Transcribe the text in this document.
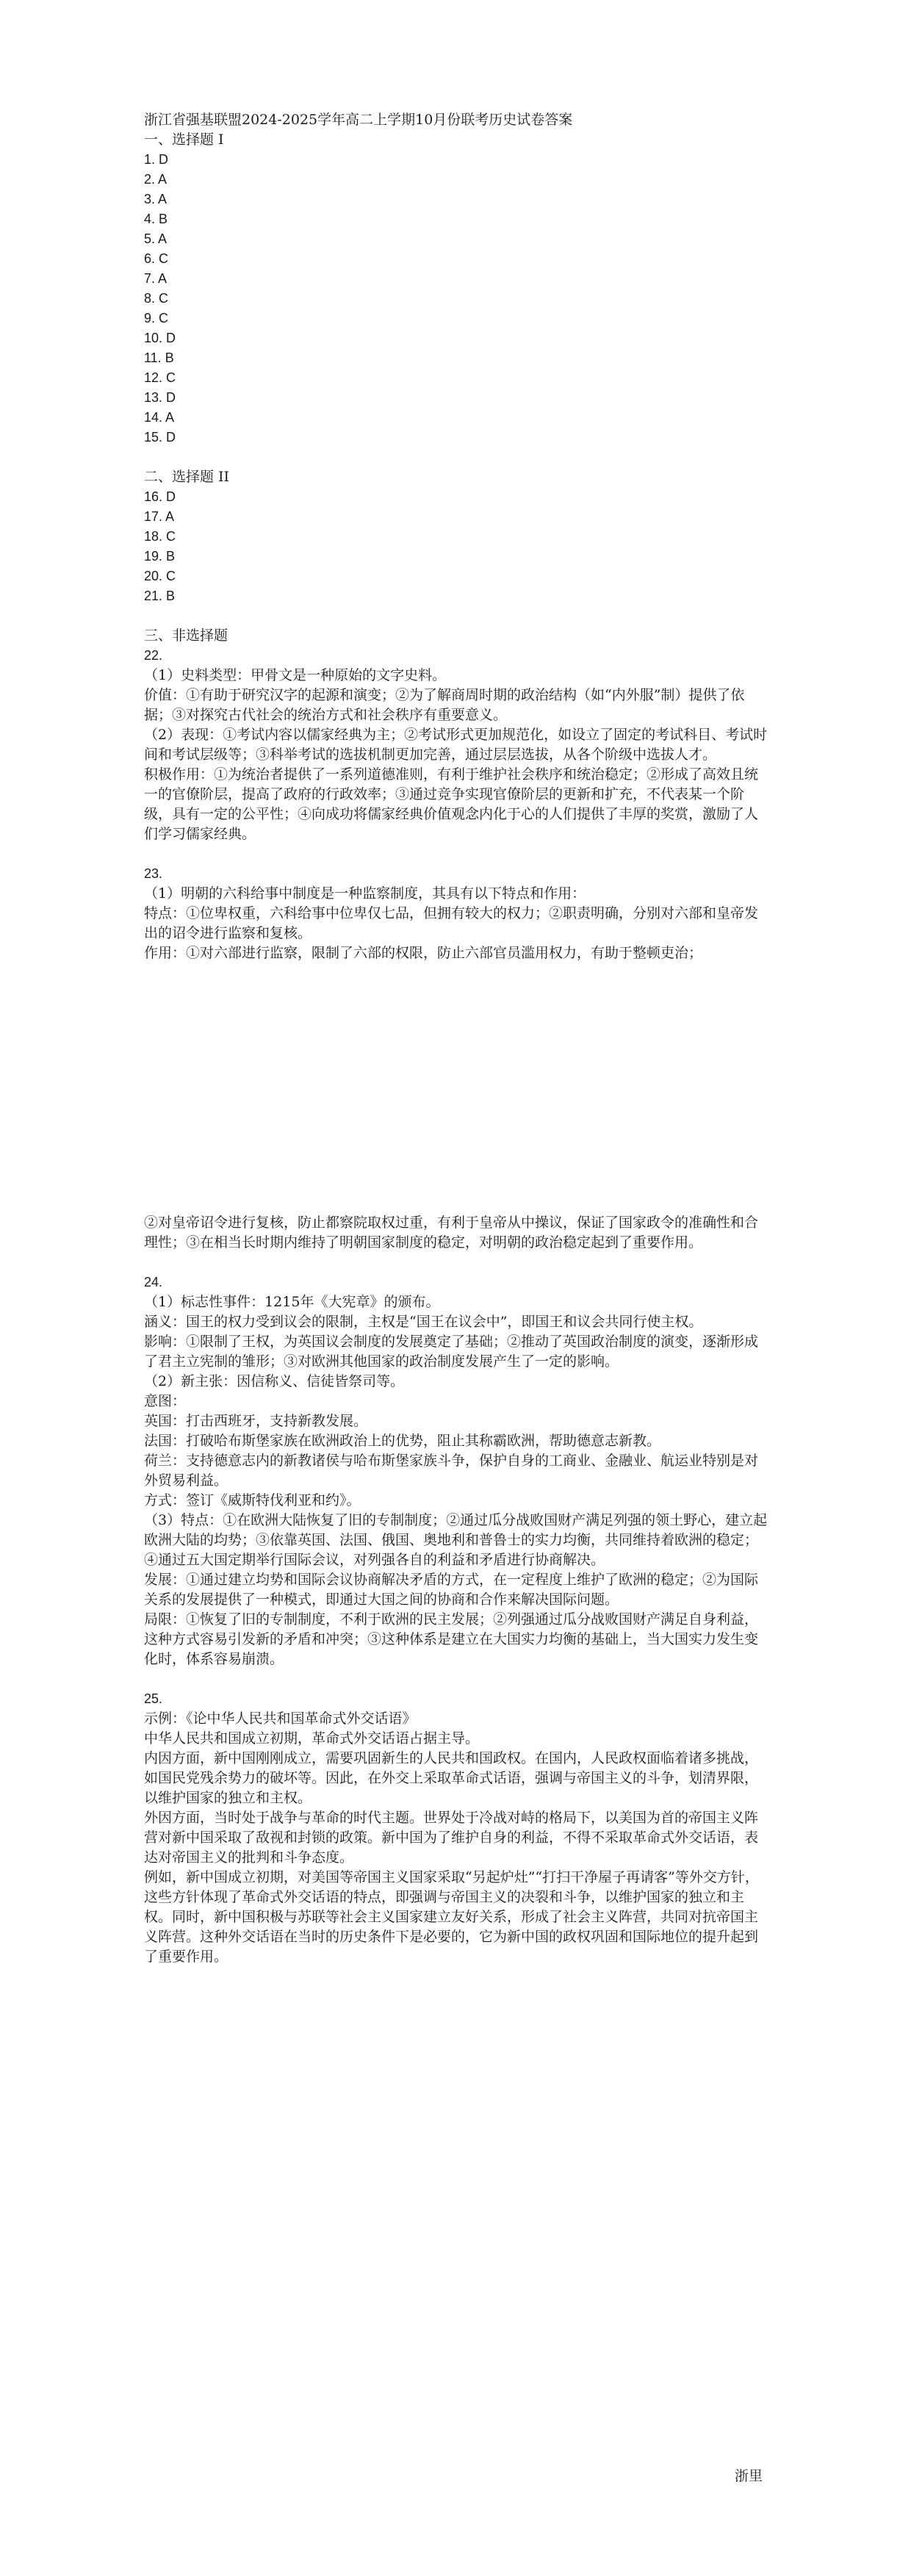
浙江省强基联盟2024-2025学年高二上学期10月份联考历史试卷答案
一、选择题 I
1. D
2. A
3. A
4. B
5. A
6. C
7. A
8. C
9. C
10. D
11. B
12. C
13. D
14. A
15. D
二、选择题 II
16. D
17. A
18. C
19. B
20. C
21. B
三、非选择题
22.
（1）史料类型：甲骨文是一种原始的文字史料。
价值：①有助于研究汉字的起源和演变；②为了解商周时期的政治结构（如“内外服”制）提供了依据；③对探究古代社会的统治方式和社会秩序有重要意义。
（2）表现：①考试内容以儒家经典为主；②考试形式更加规范化，如设立了固定的考试科目、考试时间和考试层级等；③科举考试的选拔机制更加完善，通过层层选拔，从各个阶级中选拔人才。
积极作用：①为统治者提供了一系列道德准则，有利于维护社会秩序和统治稳定；②形成了高效且统一的官僚阶层，提高了政府的行政效率；③通过竞争实现官僚阶层的更新和扩充，不代表某一个阶级，具有一定的公平性；④向成功将儒家经典价值观念内化于心的人们提供了丰厚的奖赏，激励了人们学习儒家经典。
23.
（1）明朝的六科给事中制度是一种监察制度，其具有以下特点和作用：
特点：①位卑权重，六科给事中位卑仅七品，但拥有较大的权力；②职责明确，分别对六部和皇帝发出的诏令进行监察和复核。
作用：①对六部进行监察，限制了六部的权限，防止六部官员滥用权力，有助于整顿吏治；
②对皇帝诏令进行复核，防止都察院取权过重，有利于皇帝从中操议，保证了国家政令的准确性和合理性；③在相当长时期内维持了明朝国家制度的稳定，对明朝的政治稳定起到了重要作用。
24.
（1）标志性事件：1215年《大宪章》的颁布。
涵义：国王的权力受到议会的限制，主权是“国王在议会中”，即国王和议会共同行使主权。
影响：①限制了王权，为英国议会制度的发展奠定了基础；②推动了英国政治制度的演变，逐渐形成了君主立宪制的雏形；③对欧洲其他国家的政治制度发展产生了一定的影响。
（2）新主张：因信称义、信徒皆祭司等。
意图：
英国：打击西班牙，支持新教发展。
法国：打破哈布斯堡家族在欧洲政治上的优势，阻止其称霸欧洲，帮助德意志新教。
荷兰：支持德意志内的新教诸侯与哈布斯堡家族斗争，保护自身的工商业、金融业、航运业特别是对外贸易利益。
方式：签订《威斯特伐利亚和约》。
（3）特点：①在欧洲大陆恢复了旧的专制制度；②通过瓜分战败国财产满足列强的领土野心，建立起欧洲大陆的均势；③依靠英国、法国、俄国、奥地利和普鲁士的实力均衡，共同维持着欧洲的稳定；④通过五大国定期举行国际会议，对列强各自的利益和矛盾进行协商解决。
发展：①通过建立均势和国际会议协商解决矛盾的方式，在一定程度上维护了欧洲的稳定；②为国际关系的发展提供了一种模式，即通过大国之间的协商和合作来解决国际问题。
局限：①恢复了旧的专制制度，不利于欧洲的民主发展；②列强通过瓜分战败国财产满足自身利益，这种方式容易引发新的矛盾和冲突；③这种体系是建立在大国实力均衡的基础上，当大国实力发生变化时，体系容易崩溃。
25.
示例：《论中华人民共和国革命式外交话语》
中华人民共和国成立初期，革命式外交话语占据主导。
内因方面，新中国刚刚成立，需要巩固新生的人民共和国政权。在国内，人民政权面临着诸多挑战，如国民党残余势力的破坏等。因此，在外交上采取革命式话语，强调与帝国主义的斗争，划清界限，以维护国家的独立和主权。
外因方面，当时处于战争与革命的时代主题。世界处于冷战对峙的格局下，以美国为首的帝国主义阵营对新中国采取了敌视和封锁的政策。新中国为了维护自身的利益，不得不采取革命式外交话语，表达对帝国主义的批判和斗争态度。
例如，新中国成立初期，对美国等帝国主义国家采取“另起炉灶”“打扫干净屋子再请客”等外交方针，这些方针体现了革命式外交话语的特点，即强调与帝国主义的决裂和斗争，以维护国家的独立和主权。同时，新中国积极与苏联等社会主义国家建立友好关系，形成了社会主义阵营，共同对抗帝国主义阵营。这种外交话语在当时的历史条件下是必要的，它为新中国的政权巩固和国际地位的提升起到了重要作用。
浙里
